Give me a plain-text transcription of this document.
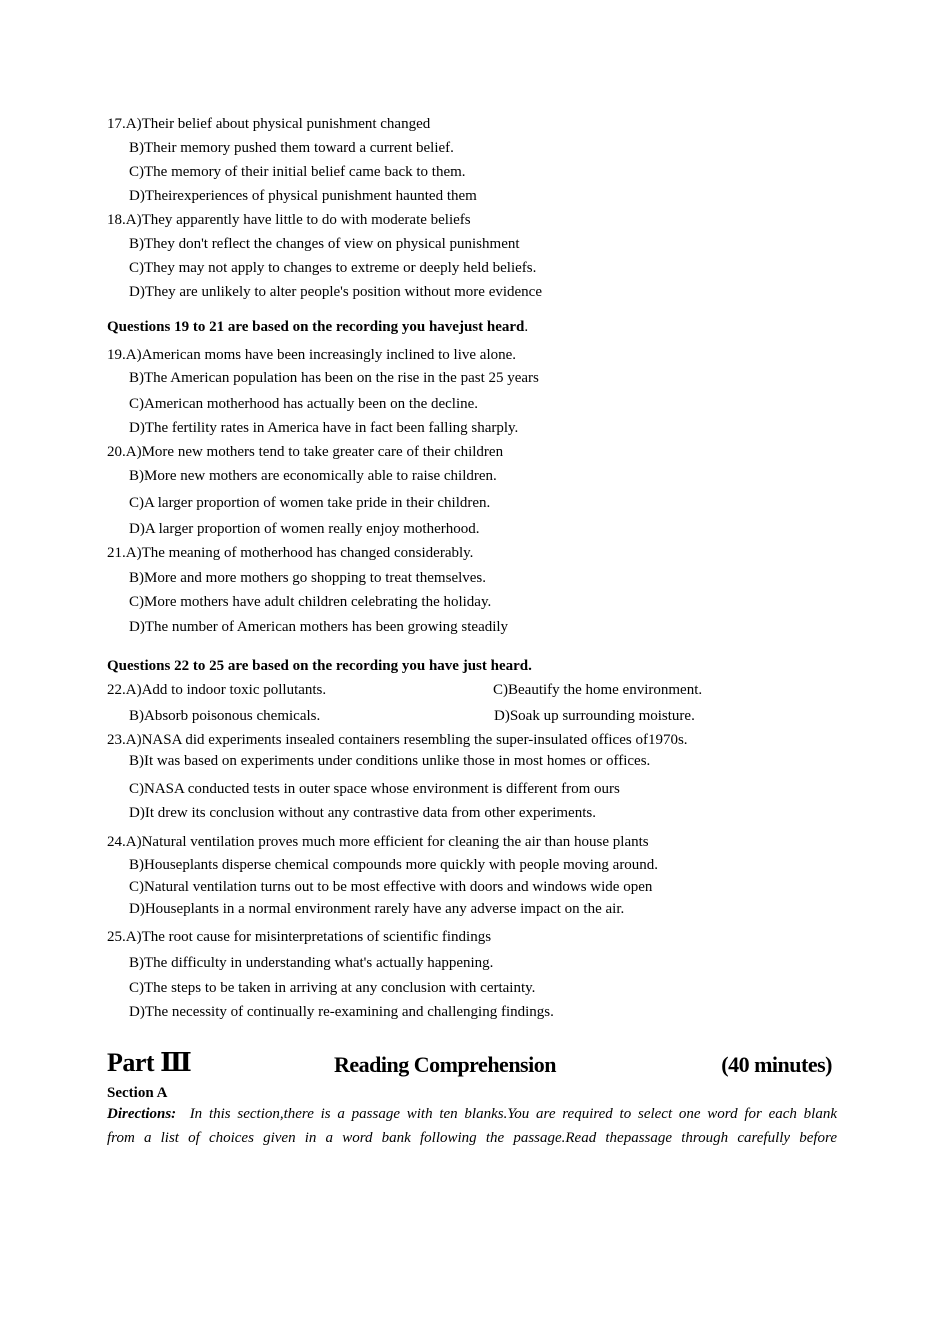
17.A)Their belief about physical punishment changed
B)Their memory pushed them toward a current belief.
C)The memory of their initial belief came back to them.
D)Theirexperiences of physical punishment haunted them
18.A)They apparently have little to do with moderate beliefs
B)They don't reflect the changes of view on physical punishment
C)They may not apply to changes to extreme or deeply held beliefs.
D)They are unlikely to alter people's position without more evidence
Questions 19 to 21 are based on the recording you havejust heard.
19.A)American moms have been increasingly inclined to live alone.
B)The American population has been on the rise in the past 25 years
C)American motherhood has actually been on the decline.
D)The fertility rates in America have in fact been falling sharply.
20.A)More new mothers tend to take greater care of their children
B)More new mothers are economically able to raise children.
C)A larger proportion of women take pride in their children.
D)A larger proportion of women really enjoy motherhood.
21.A)The meaning of motherhood has changed considerably.
B)More and more mothers go shopping to treat themselves.
C)More mothers have adult children celebrating the holiday.
D)The number of American mothers has been growing steadily
Questions 22 to 25 are based on the recording you have just heard.
22.A)Add to indoor toxic pollutants.	C)Beautify the home environment.
B)Absorb poisonous chemicals.	D)Soak up surrounding moisture.
23.A)NASA did experiments insealed containers resembling the super-insulated offices of1970s.
B)It was based on experiments under conditions unlike those in most homes or offices.
C)NASA conducted tests in outer space whose environment is different from ours
D)It drew its conclusion without any contrastive data from other experiments.
24.A)Natural ventilation proves much more efficient for cleaning the air than house plants
B)Houseplants disperse chemical compounds more quickly with people moving around.
C)Natural ventilation turns out to be most effective with doors and windows wide open
D)Houseplants in a normal environment rarely have any adverse impact on the air.
25.A)The root cause for misinterpretations of scientific findings
B)The difficulty in understanding what's actually happening.
C)The steps to be taken in arriving at any conclusion with certainty.
D)The necessity of continually re-examining and challenging findings.
Part Ⅲ	Reading Comprehension	(40 minutes)
Section A
Directions: In this section,there is a passage with ten blanks.You are required to select one word for each blank
from a list of choices given in a word bank following the passage.Read thepassage through carefully before
